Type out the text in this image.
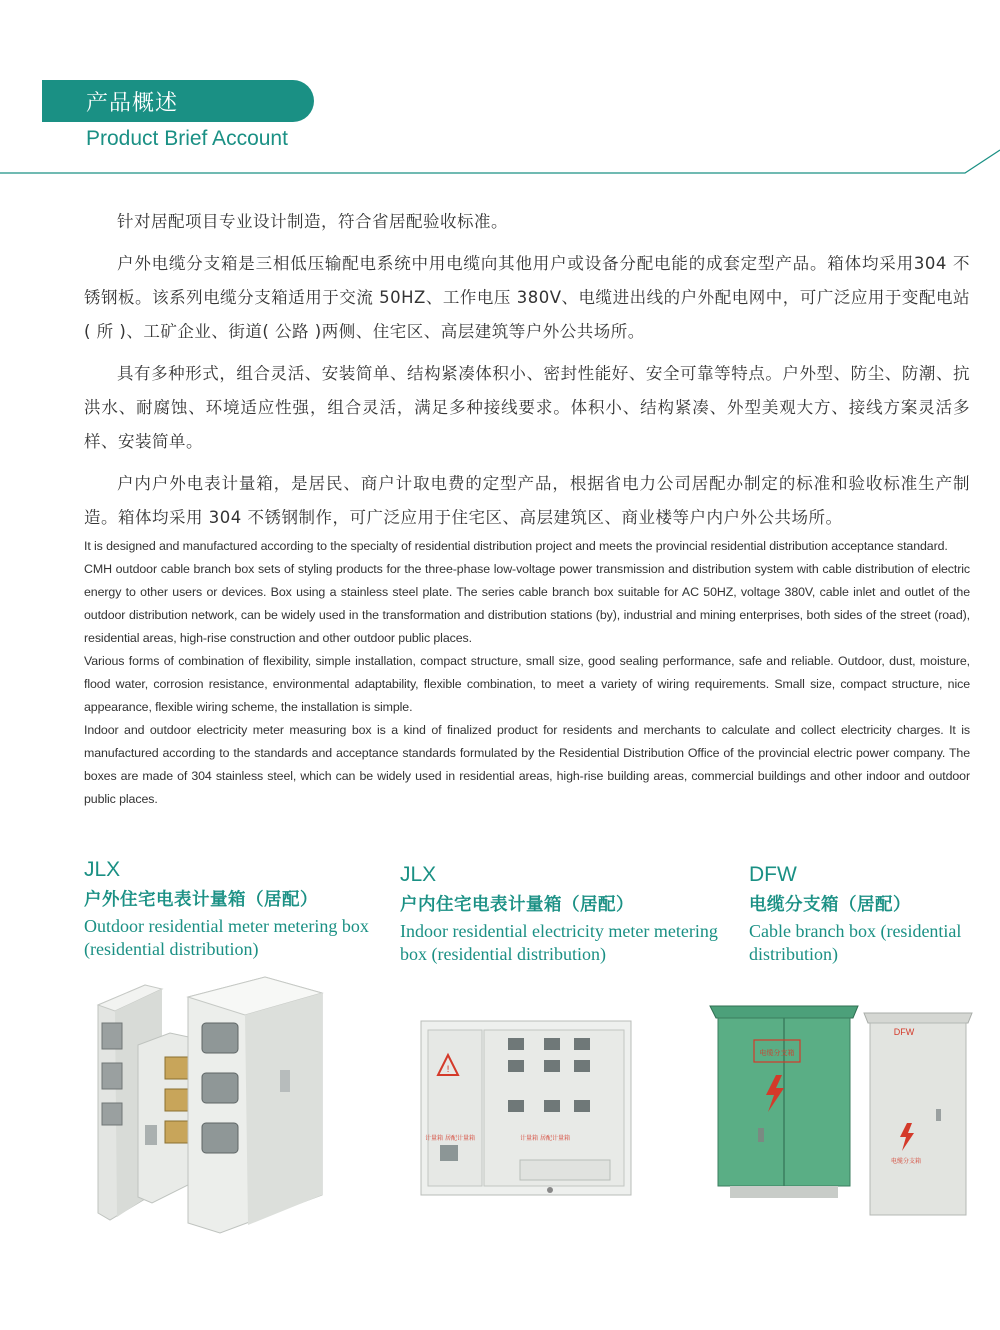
产品概述
Product Brief Account

针对居配项目专业设计制造，符合省居配验收标准。

户外电缆分支箱是三相低压输配电系统中用电缆向其他用户或设备分配电能的成套定型产品。箱体均采用304 不锈钢板。该系列电缆分支箱适用于交流 50HZ、工作电压 380V、电缆进出线的户外配电网中，可广泛应用于变配电站( 所 )、工矿企业、街道( 公路 )两侧、住宅区、高层建筑等户外公共场所。

具有多种形式，组合灵活、安装简单、结构紧凑体积小、密封性能好、安全可靠等特点。户外型、防尘、防潮、抗洪水、耐腐蚀、环境适应性强，组合灵活，满足多种接线要求。体积小、结构紧凑、外型美观大方、接线方案灵活多样、安装简单。

户内户外电表计量箱，是居民、商户计取电费的定型产品，根据省电力公司居配办制定的标准和验收标准生产制造。箱体均采用 304 不锈钢制作，可广泛应用于住宅区、高层建筑区、商业楼等户内户外公共场所。

It is designed and manufactured according to the specialty of residential distribution project and meets the provincial residential distribution acceptance standard.

CMH outdoor cable branch box sets of styling products for the three-phase low-voltage power transmission and distribution system with cable distribution of electric energy to other users or devices. Box using a stainless steel plate. The series cable branch box suitable for AC 50HZ, voltage 380V, cable inlet and outlet of the outdoor distribution network, can be widely used in the transformation and distribution stations (by), industrial and mining enterprises, both sides of the street (road), residential areas, high-rise construction and other outdoor public places.

Various forms of combination of flexibility, simple installation, compact structure, small size, good sealing performance, safe and reliable. Outdoor, dust, moisture, flood water, corrosion resistance, environmental adaptability, flexible combination, to meet a variety of wiring requirements. Small size, compact structure, nice appearance, flexible wiring scheme, the installation is simple.

Indoor and outdoor electricity meter measuring box is a kind of finalized product for residents and merchants to calculate and collect electricity charges. It is manufactured according to the standards and acceptance standards formulated by the Residential Distribution Office of the provincial electric power company. The boxes are made of 304 stainless steel, which can be widely used in residential areas, high-rise building areas, commercial buildings and other indoor and outdoor public places.

JLX
户外住宅电表计量箱（居配）
Outdoor residential meter metering box (residential distribution)
JLX
户内住宅电表计量箱（居配）
Indoor residential electricity meter metering box (residential distribution)
DFW
电缆分支箱（居配）
Cable branch box (residential distribution)
!
计量箱 居配计量箱	计量箱 居配计量箱
电缆分支箱
DFW
电缆分支箱
